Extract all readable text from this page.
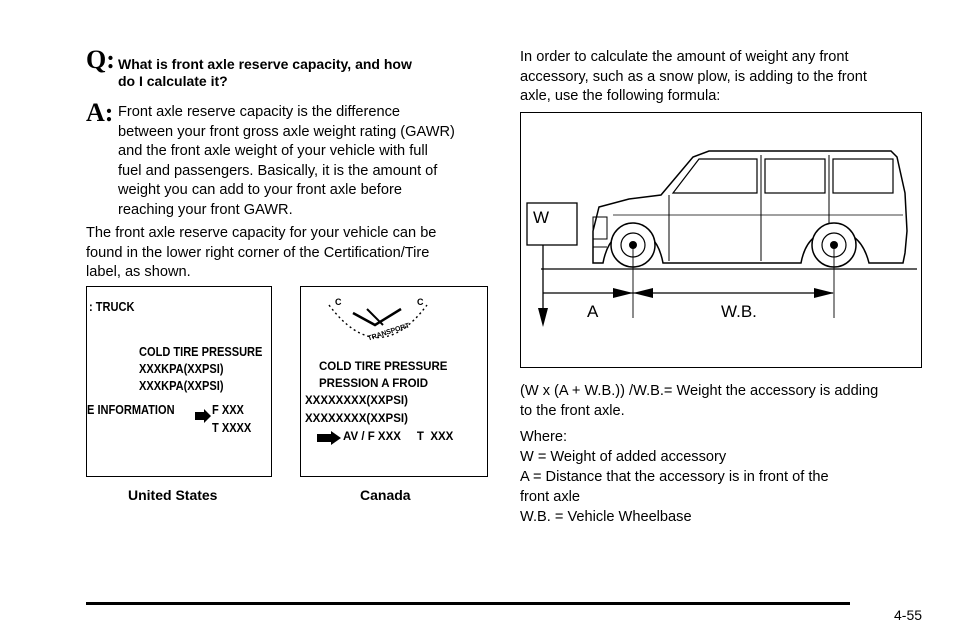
Q: What is front axle reserve capacity, and how
do I calculate it?
A: Front axle reserve capacity is the difference
between your front gross axle weight rating (GAWR)
and the front axle weight of your vehicle with full
fuel and passengers. Basically, it is the amount of
weight you can add to your front axle before
reaching your front GAWR.
The front axle reserve capacity for your vehicle can be
found in the lower right corner of the Certification/Tire
label, as shown.
: TRUCK
COLD TIRE PRESSURE
XXXKPA(XXPSI)
XXXKPA(XXPSI)
E INFORMATION	F XXX
T XXXX
United States
C	C
TRANSPORT
COLD TIRE PRESSURE
PRESSION A FROID
XXXXXXXX(XXPSI)
XXXXXXXX(XXPSI)
AV / F XXX     T  XXX
Canada
In order to calculate the amount of weight any front
accessory, such as a snow plow, is adding to the front
axle, use the following formula:
W
A	W.B.
(W x (A + W.B.)) /W.B.= Weight the accessory is adding
to the front axle.
Where:
W = Weight of added accessory
A = Distance that the accessory is in front of the
front axle
W.B. = Vehicle Wheelbase
4-55
